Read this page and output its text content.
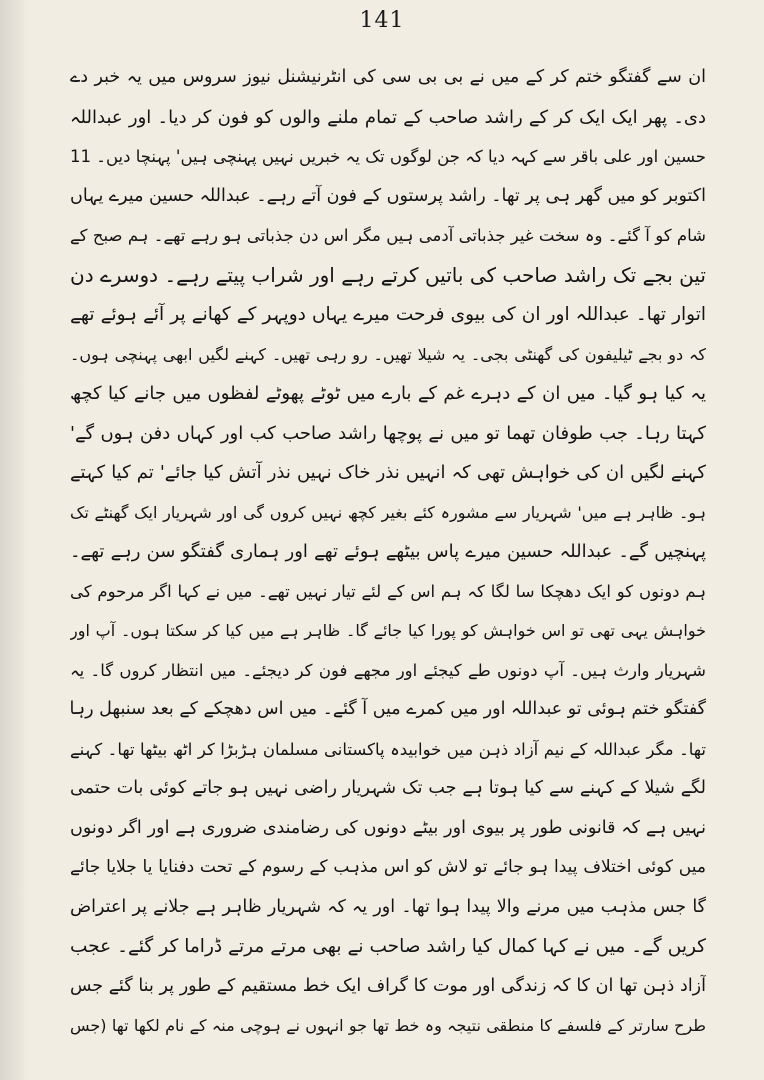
141
ان سے گفتگو ختم کر کے میں نے بی بی سی کی انٹرنیشنل نیوز سروس میں یہ خبر دے
دی۔ پھر ایک ایک کر کے راشد صاحب کے تمام ملنے والوں کو فون کر دیا۔ اور عبداللہ
حسین اور علی باقر سے کہہ دیا کہ جن لوگوں تک یہ خبریں نہیں پہنچی ہیں' پہنچا دیں۔ 11
اکتوبر کو میں گھر ہی پر تھا۔ راشد پرستوں کے فون آتے رہے۔ عبداللہ حسین میرے یہاں
شام کو آ گئے۔ وہ سخت غیر جذباتی آدمی ہیں مگر اس دن جذباتی ہو رہے تھے۔ ہم صبح کے
تین بجے تک راشد صاحب کی باتیں کرتے رہے اور شراب پیتے رہے۔ دوسرے دن
اتوار تھا۔ عبداللہ اور ان کی بیوی فرحت میرے یہاں دوپہر کے کھانے پر آئے ہوئے تھے
کہ دو بجے ٹیلیفون کی گھنٹی بجی۔ یہ شیلا تھیں۔ رو رہی تھیں۔ کہنے لگیں ابھی پہنچی ہوں۔
یہ کیا ہو گیا۔ میں ان کے دہرے غم کے بارے میں ٹوٹے پھوٹے لفظوں میں جانے کیا کچھ
کہتا رہا۔ جب طوفان تھما تو میں نے پوچھا راشد صاحب کب اور کہاں دفن ہوں گے'
کہنے لگیں ان کی خواہش تھی کہ انہیں نذر خاک نہیں نذر آتش کیا جائے' تم کیا کہتے
ہو۔ ظاہر ہے میں' شہریار سے مشورہ کئے بغیر کچھ نہیں کروں گی اور شہریار ایک گھنٹے تک
پہنچیں گے۔ عبداللہ حسین میرے پاس بیٹھے ہوئے تھے اور ہماری گفتگو سن رہے تھے۔
ہم دونوں کو ایک دھچکا سا لگا کہ ہم اس کے لئے تیار نہیں تھے۔ میں نے کہا اگر مرحوم کی
خواہش یہی تھی تو اس خواہش کو پورا کیا جائے گا۔ ظاہر ہے میں کیا کر سکتا ہوں۔ آپ اور
شہریار وارث ہیں۔ آپ دونوں طے کیجئے اور مجھے فون کر دیجئے۔ میں انتظار کروں گا۔ یہ
گفتگو ختم ہوئی تو عبداللہ اور میں کمرے میں آ گئے۔ میں اس دھچکے کے بعد سنبھل رہا
تھا۔ مگر عبداللہ کے نیم آزاد ذہن میں خوابیدہ پاکستانی مسلمان ہڑبڑا کر اٹھ بیٹھا تھا۔ کہنے
لگے شیلا کے کہنے سے کیا ہوتا ہے جب تک شہریار راضی نہیں ہو جاتے کوئی بات حتمی
نہیں ہے کہ قانونی طور پر بیوی اور بیٹے دونوں کی رضامندی ضروری ہے اور اگر دونوں
میں کوئی اختلاف پیدا ہو جائے تو لاش کو اس مذہب کے رسوم کے تحت دفنایا یا جلایا جائے
گا جس مذہب میں مرنے والا پیدا ہوا تھا۔ اور یہ کہ شہریار ظاہر ہے جلانے پر اعتراض
کریں گے۔ میں نے کہا کمال کیا راشد صاحب نے بھی مرتے مرتے ڈراما کر گئے۔ عجب
آزاد ذہن تھا ان کا کہ زندگی اور موت کا گراف ایک خط مستقیم کے طور پر بنا گئے جس
طرح سارتر کے فلسفے کا منطقی نتیجہ وہ خط تھا جو انہوں نے ہوچی منہ کے نام لکھا تھا (جس
